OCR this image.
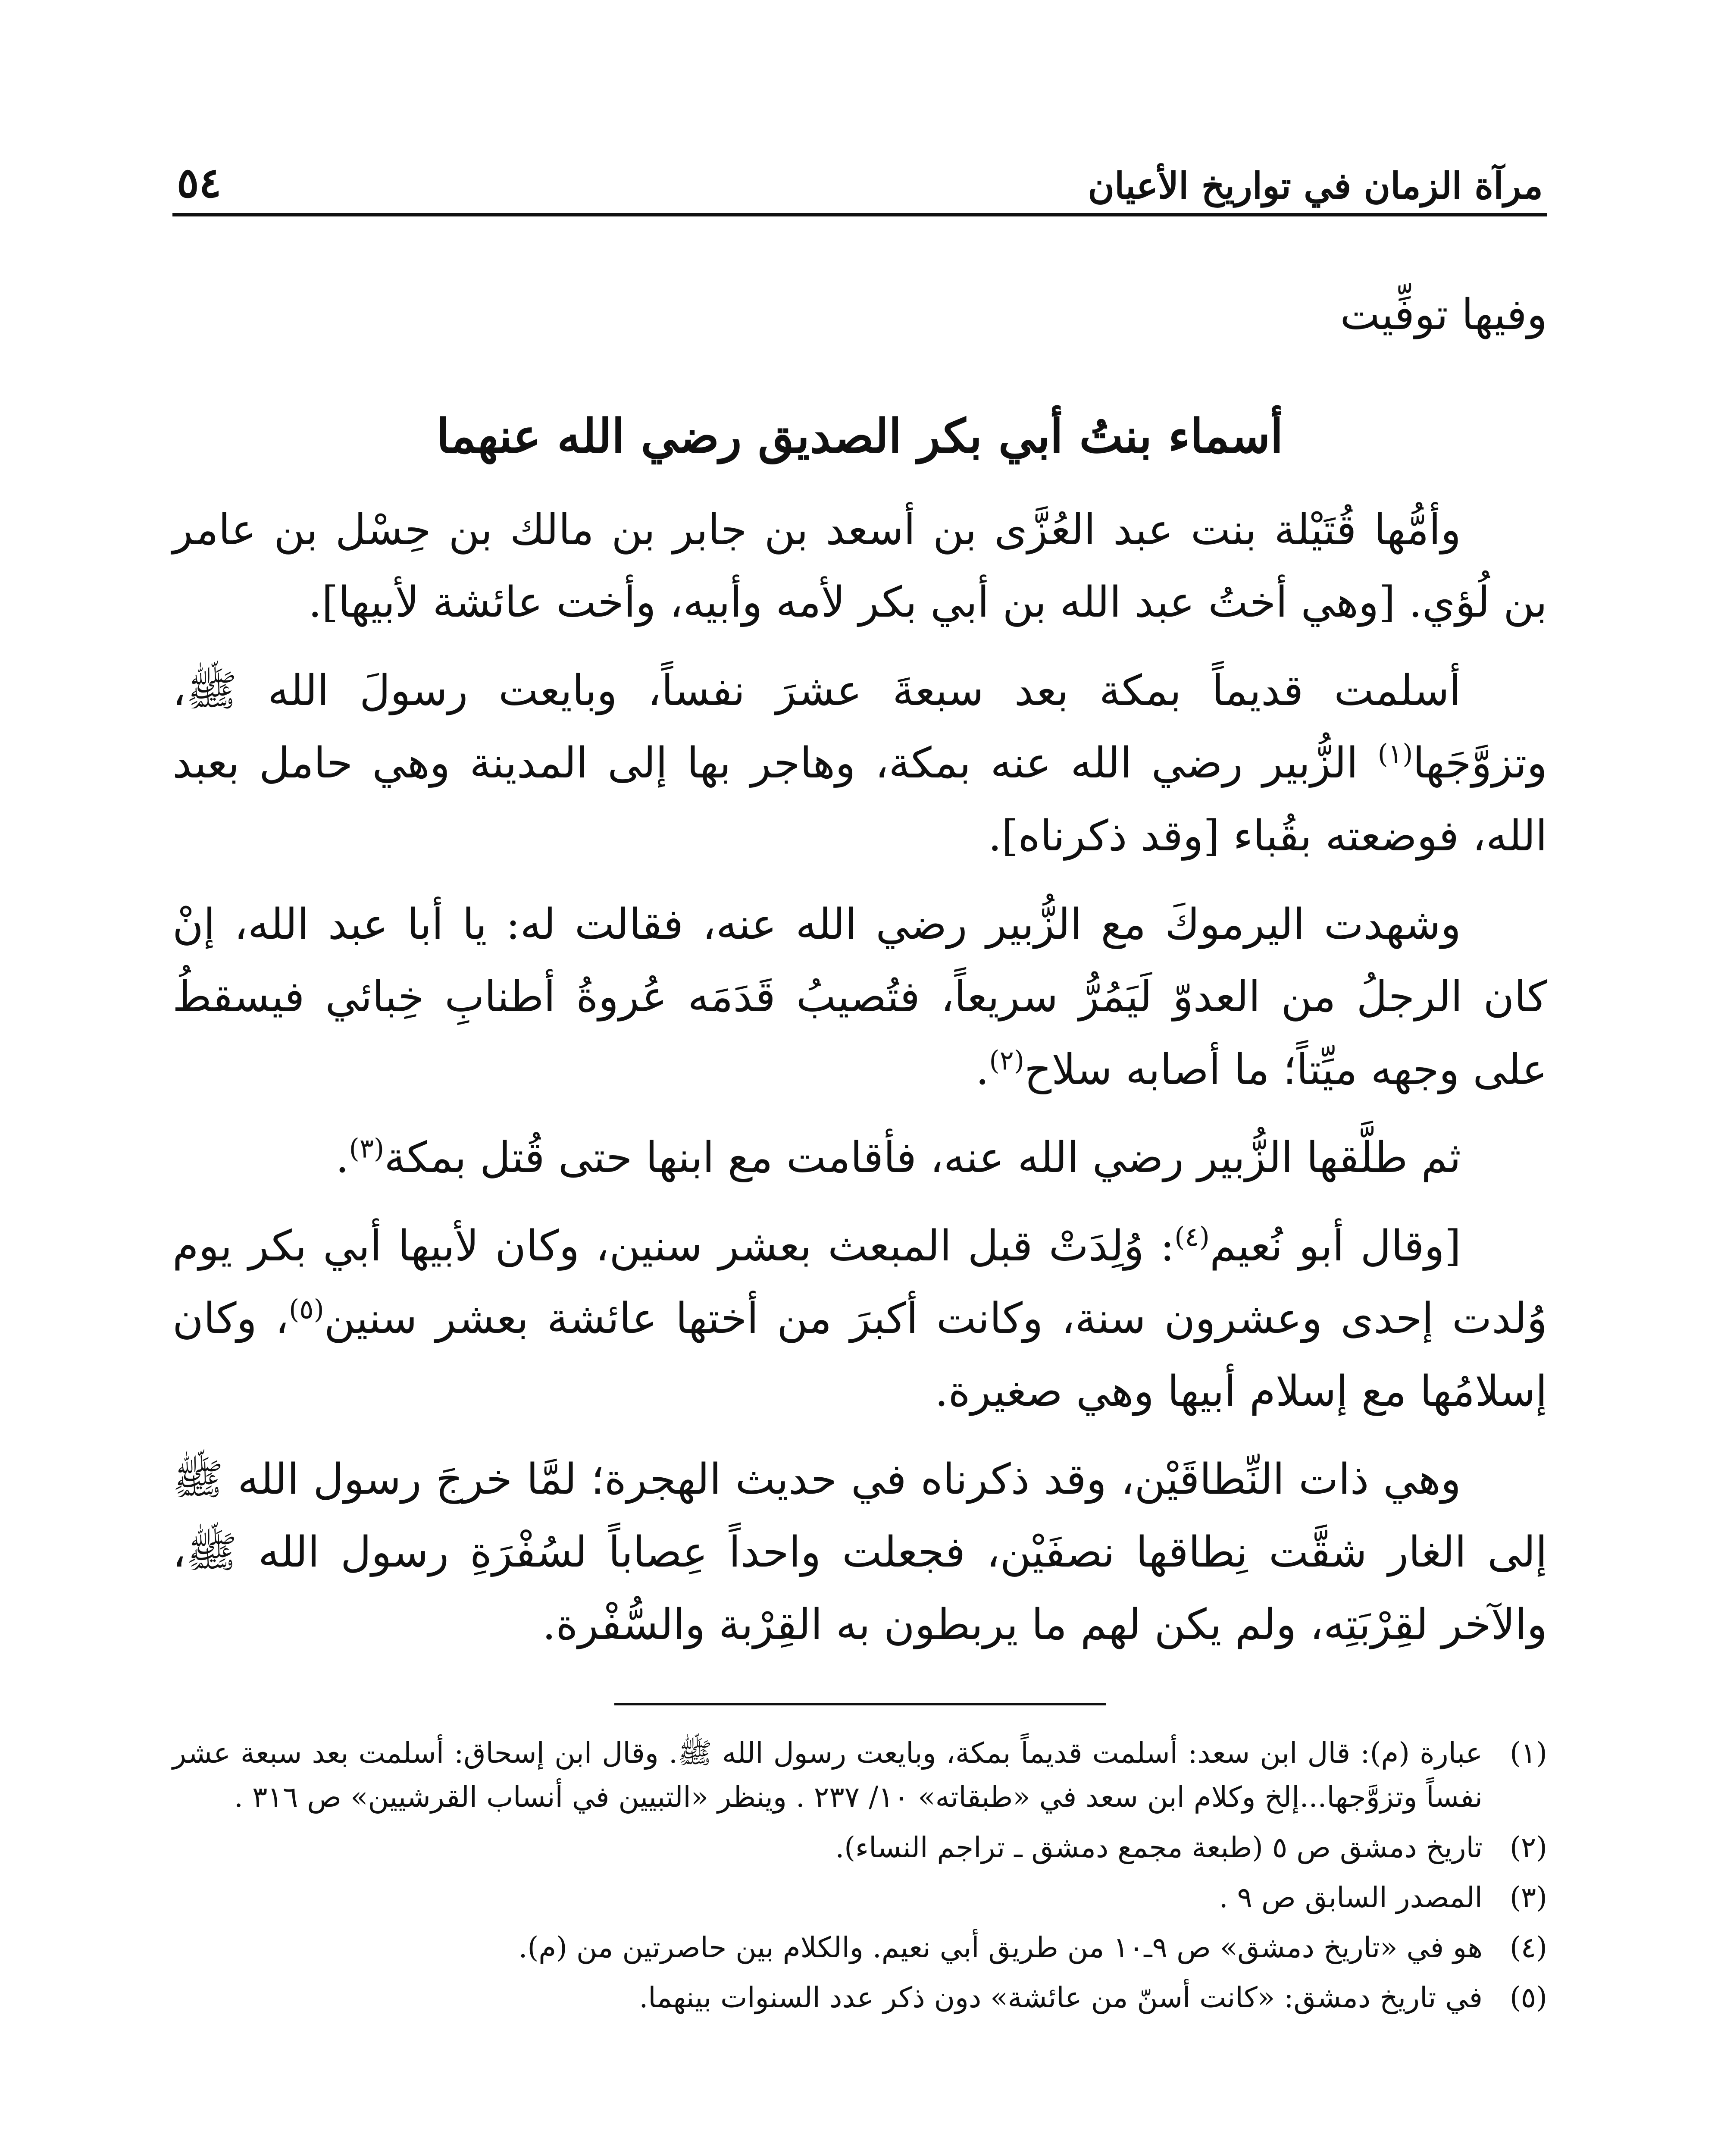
مرآة الزمان في تواريخ الأعيان
٥٤
وفيها توفِّيت
أسماء بنتُ أبي بكر الصديق رضي الله عنهما

وأمُّها قُتَيْلة بنت عبد العُزَّى بن أسعد بن جابر بن مالك بن حِسْل بن عامر بن لُؤي. [وهي أختُ عبد الله بن أبي بكر لأمه وأبيه، وأخت عائشة لأبيها].

أسلمت قديماً بمكة بعد سبعةَ عشرَ نفساً، وبايعت رسولَ الله ﷺ، وتزوَّجَها$^{(١)}$ الزُّبير رضي الله عنه بمكة، وهاجر بها إلى المدينة وهي حامل بعبد الله، فوضعته بقُباء [وقد ذكرناه].

وشهدت اليرموكَ مع الزُّبير رضي الله عنه، فقالت له: يا أبا عبد الله، إنْ كان الرجلُ من العدوّ لَيَمُرُّ سريعاً، فتُصيبُ قَدَمَه عُروةُ أطنابِ خِبائي فيسقطُ على وجهه ميِّتاً؛ ما أصابه سلاح$^{(٢)}$.

ثم طلَّقها الزُّبير رضي الله عنه، فأقامت مع ابنها حتى قُتل بمكة$^{(٣)}$.

[وقال أبو نُعيم$^{(٤)}$: وُلِدَتْ قبل المبعث بعشر سنين، وكان لأبيها أبي بكر يوم وُلدت إحدى وعشرون سنة، وكانت أكبرَ من أختها عائشة بعشر سنين$^{(٥)}$، وكان إسلامُها مع إسلام أبيها وهي صغيرة.

وهي ذات النِّطاقَيْن، وقد ذكرناه في حديث الهجرة؛ لمَّا خرجَ رسول الله ﷺ إلى الغار شقَّت نِطاقها نصفَيْن، فجعلت واحداً عِصاباً لسُفْرَةِ رسول الله ﷺ، والآخر لقِرْبَتِه، ولم يكن لهم ما يربطون به القِرْبة والسُّفْرة.

(١)عبارة (م): قال ابن سعد: أسلمت قديماً بمكة، وبايعت رسول الله ﷺ. وقال ابن إسحاق: أسلمت بعد سبعة عشر نفساً وتزوَّجها...إلخ وكلام ابن سعد في «طبقاته» ١٠/ ٢٣٧ . وينظر «التبيين في أنساب القرشيين» ص ٣١٦ .

(٢)تاريخ دمشق ص ٥ (طبعة مجمع دمشق ـ تراجم النساء).

(٣)المصدر السابق ص ٩ .

(٤)هو في «تاريخ دمشق» ص ٩ـ١٠ من طريق أبي نعيم. والكلام بين حاصرتين من (م).

(٥)في تاريخ دمشق: «كانت أسنّ من عائشة» دون ذكر عدد السنوات بينهما.
